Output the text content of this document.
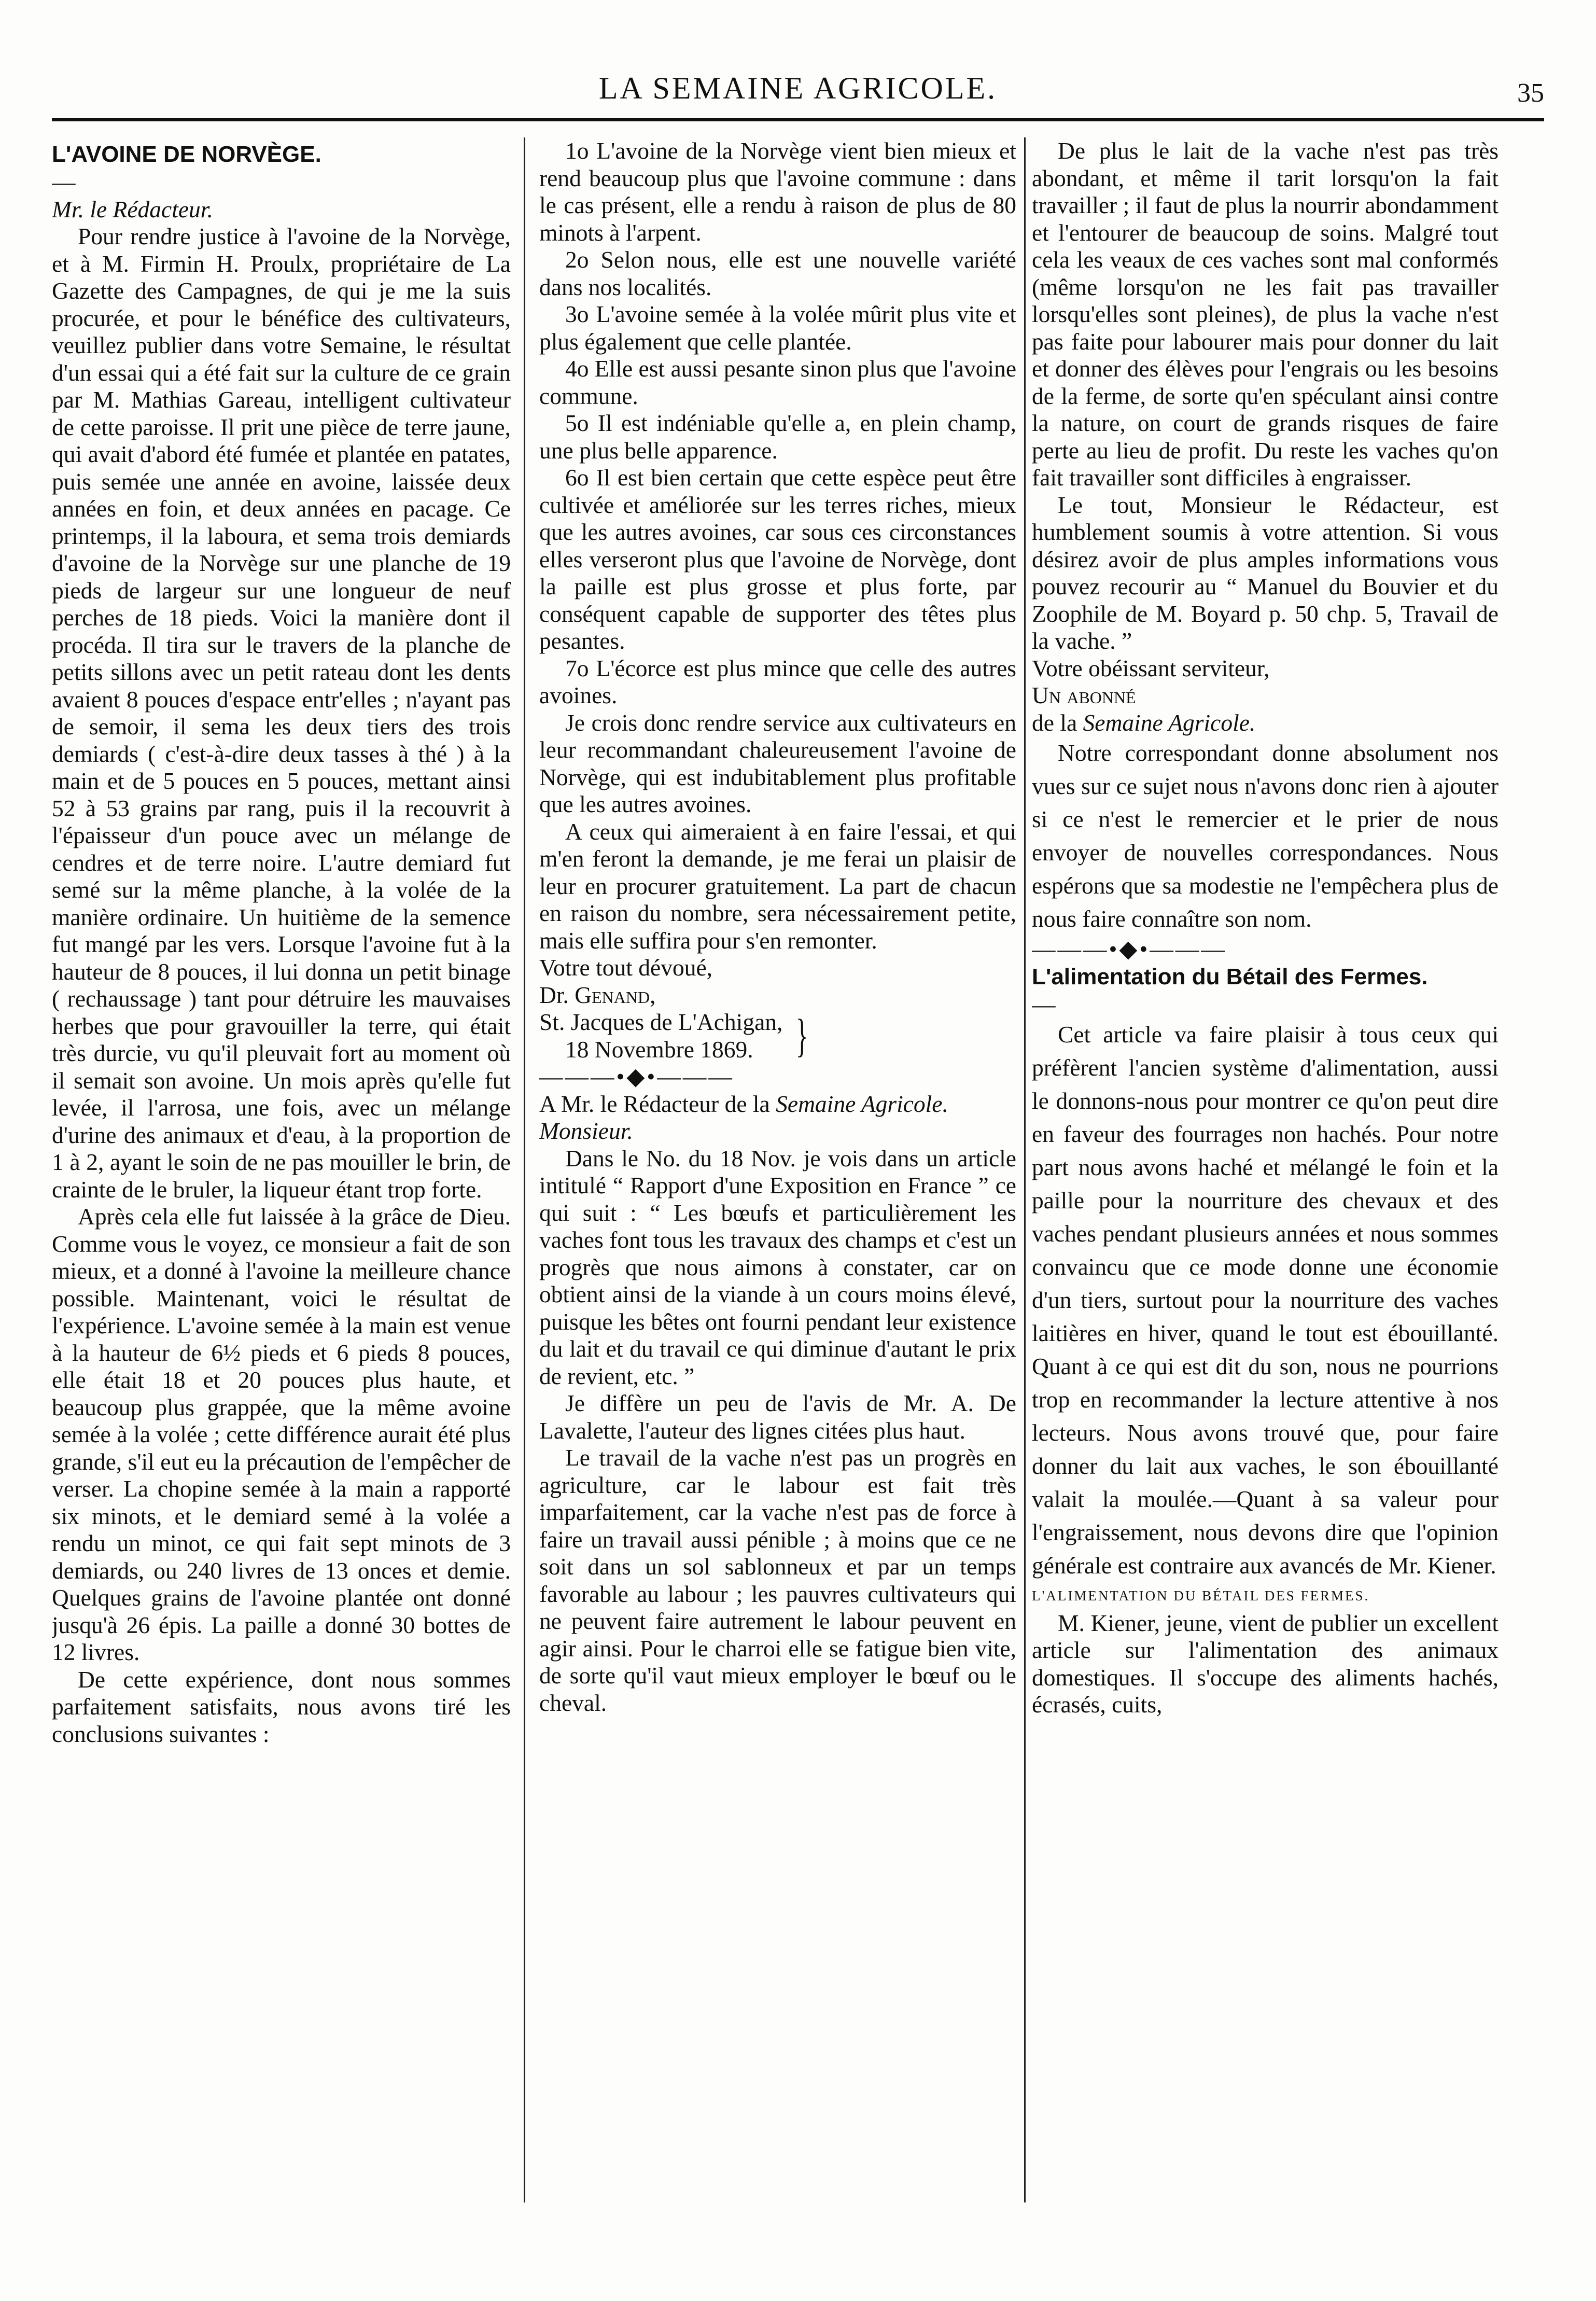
LA SEMAINE AGRICOLE.	35

L'AVOINE DE NORVÈGE.

—

Mr. le Rédacteur.

Pour rendre justice à l'avoine de la Norvège, et à M. Firmin H. Proulx, propriétaire de La Gazette des Campagnes, de qui je me la suis procurée, et pour le bénéfice des cultivateurs, veuillez publier dans votre Semaine, le résultat d'un essai qui a été fait sur la culture de ce grain par M. Mathias Gareau, intelligent cultivateur de cette paroisse. Il prit une pièce de terre jaune, qui avait d'abord été fumée et plantée en patates, puis semée une année en avoine, laissée deux années en foin, et deux années en pacage. Ce printemps, il la laboura, et sema trois demiards d'avoine de la Norvège sur une planche de 19 pieds de largeur sur une longueur de neuf perches de 18 pieds. Voici la manière dont il procéda. Il tira sur le travers de la planche de petits sillons avec un petit rateau dont les dents avaient 8 pouces d'espace entr'elles ; n'ayant pas de semoir, il sema les deux tiers des trois demiards ( c'est-à-dire deux tasses à thé ) à la main et de 5 pouces en 5 pouces, mettant ainsi 52 à 53 grains par rang, puis il la recouvrit à l'épaisseur d'un pouce avec un mélange de cendres et de terre noire. L'autre demiard fut semé sur la même planche, à la volée de la manière ordinaire. Un huitième de la semence fut mangé par les vers. Lorsque l'avoine fut à la hauteur de 8 pouces, il lui donna un petit binage ( rechaussage ) tant pour détruire les mauvaises herbes que pour gravouiller la terre, qui était très durcie, vu qu'il pleuvait fort au moment où il semait son avoine. Un mois après qu'elle fut levée, il l'arrosa, une fois, avec un mélange d'urine des animaux et d'eau, à la proportion de 1 à 2, ayant le soin de ne pas mouiller le brin, de crainte de le bruler, la liqueur étant trop forte.

Après cela elle fut laissée à la grâce de Dieu. Comme vous le voyez, ce monsieur a fait de son mieux, et a donné à l'avoine la meilleure chance possible. Maintenant, voici le résultat de l'expérience. L'avoine semée à la main est venue à la hauteur de 6½ pieds et 6 pieds 8 pouces, elle était 18 et 20 pouces plus haute, et beaucoup plus grappée, que la même avoine semée à la volée ; cette différence aurait été plus grande, s'il eut eu la précaution de l'empêcher de verser. La chopine semée à la main a rapporté six minots, et le demiard semé à la volée a rendu un minot, ce qui fait sept minots de 3 demiards, ou 240 livres de 13 onces et demie. Quelques grains de l'avoine plantée ont donné jusqu'à 26 épis. La paille a donné 30 bottes de 12 livres.

De cette expérience, dont nous sommes parfaitement satisfaits, nous avons tiré les conclusions suivantes :

1o L'avoine de la Norvège vient bien mieux et rend beaucoup plus que l'avoine commune : dans le cas présent, elle a rendu à raison de plus de 80 minots à l'arpent.

2o Selon nous, elle est une nouvelle variété dans nos localités.

3o L'avoine semée à la volée mûrit plus vite et plus également que celle plantée.

4o Elle est aussi pesante sinon plus que l'avoine commune.

5o Il est indéniable qu'elle a, en plein champ, une plus belle apparence.

6o Il est bien certain que cette espèce peut être cultivée et améliorée sur les terres riches, mieux que les autres avoines, car sous ces circonstances elles verseront plus que l'avoine de Norvège, dont la paille est plus grosse et plus forte, par conséquent capable de supporter des têtes plus pesantes.

7o L'écorce est plus mince que celle des autres avoines.

Je crois donc rendre service aux cultivateurs en leur recommandant chaleureusement l'avoine de Norvège, qui est indubitablement plus profitable que les autres avoines.

A ceux qui aimeraient à en faire l'essai, et qui m'en feront la demande, je me ferai un plaisir de leur en procurer gratuitement. La part de chacun en raison du nombre, sera nécessairement petite, mais elle suffira pour s'en remonter.

Votre tout dévoué,

Dr. Genand,

St. Jacques de L'Achigan,

18 Novembre 1869. }

———•◆•———

A Mr. le Rédacteur de la Semaine Agricole.

Monsieur.

Dans le No. du 18 Nov. je vois dans un article intitulé “ Rapport d'une Exposition en France ” ce qui suit : “ Les bœufs et particulièrement les vaches font tous les travaux des champs et c'est un progrès que nous aimons à constater, car on obtient ainsi de la viande à un cours moins élevé, puisque les bêtes ont fourni pendant leur existence du lait et du travail ce qui diminue d'autant le prix de revient, etc. ”

Je diffère un peu de l'avis de Mr. A. De Lavalette, l'auteur des lignes citées plus haut.

Le travail de la vache n'est pas un progrès en agriculture, car le labour est fait très imparfaitement, car la vache n'est pas de force à faire un travail aussi pénible ; à moins que ce ne soit dans un sol sablonneux et par un temps favorable au labour ; les pauvres cultivateurs qui ne peuvent faire autrement le labour peuvent en agir ainsi. Pour le charroi elle se fatigue bien vite, de sorte qu'il vaut mieux employer le bœuf ou le cheval.

De plus le lait de la vache n'est pas très abondant, et même il tarit lorsqu'on la fait travailler ; il faut de plus la nourrir abondamment et l'entourer de beaucoup de soins. Malgré tout cela les veaux de ces vaches sont mal conformés (même lorsqu'on ne les fait pas travailler lorsqu'elles sont pleines), de plus la vache n'est pas faite pour labourer mais pour donner du lait et donner des élèves pour l'engrais ou les besoins de la ferme, de sorte qu'en spéculant ainsi contre la nature, on court de grands risques de faire perte au lieu de profit. Du reste les vaches qu'on fait travailler sont difficiles à engraisser.

Le tout, Monsieur le Rédacteur, est humblement soumis à votre attention. Si vous désirez avoir de plus amples informations vous pouvez recourir au “ Manuel du Bouvier et du Zoophile de M. Boyard p. 50 chp. 5, Travail de la vache. ”

Votre obéissant serviteur,

Un abonné

de la Semaine Agricole.

Notre correspondant donne absolument nos vues sur ce sujet nous n'avons donc rien à ajouter si ce n'est le remercier et le prier de nous envoyer de nouvelles correspondances. Nous espérons que sa modestie ne l'empêchera plus de nous faire connaître son nom.

———•◆•———

L'alimentation du Bétail des Fermes.

—

Cet article va faire plaisir à tous ceux qui préfèrent l'ancien système d'alimentation, aussi le donnons-nous pour montrer ce qu'on peut dire en faveur des fourrages non hachés. Pour notre part nous avons haché et mélangé le foin et la paille pour la nourriture des chevaux et des vaches pendant plusieurs années et nous sommes convaincu que ce mode donne une économie d'un tiers, surtout pour la nourriture des vaches laitières en hiver, quand le tout est ébouillanté. Quant à ce qui est dit du son, nous ne pourrions trop en recommander la lecture attentive à nos lecteurs. Nous avons trouvé que, pour faire donner du lait aux vaches, le son ébouillanté valait la moulée.—Quant à sa valeur pour l'engraissement, nous devons dire que l'opinion générale est contraire aux avancés de Mr. Kiener.

L'ALIMENTATION DU BÉTAIL DES FERMES.

M. Kiener, jeune, vient de publier un excellent article sur l'alimentation des animaux domestiques. Il s'occupe des aliments hachés, écrasés, cuits,
